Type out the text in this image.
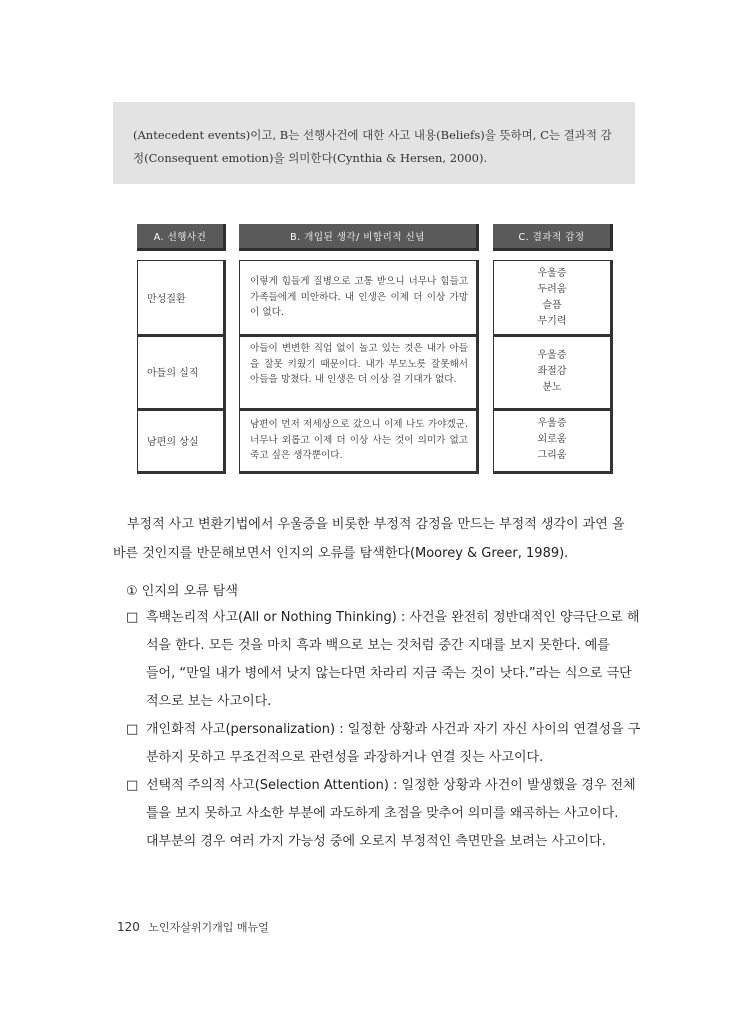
(Antecedent events)이고, B는 선행사건에 대한 사고 내용(Beliefs)을 뜻하며, C는 결과적 감
정(Consequent emotion)을 의미한다(Cynthia & Hersen, 2000).
A. 선행사건	B. 개입된 생각/ 비합리적 신념	C. 결과적 감정
만성질환
이렇게 힘들게 질병으로 고통 받으니 너무나 힘들고 가족들에게 미안하다. 내 인생은 이제 더 이상 가망이 없다.
우울증
두려움
슬픔
무기력
아들의 실직
아들이 변변한 직업 없이 놀고 있는 것은 내가 아들을 잘못 키웠기 때문이다. 내가 부모노릇 잘못해서 아들을 망쳤다. 내 인생은 더 이상 걸 기대가 없다.
우울증
좌절감
분노
남편의 상실
남편이 먼저 저세상으로 갔으니 이제 나도 가야겠군. 너무나 외롭고 이제 더 이상 사는 것이 의미가 없고 죽고 싶은 생각뿐이다.
우울증
외로움
그리움
부정적 사고 변환기법에서 우울증을 비롯한 부정적 감정을 만드는 부정적 생각이 과연 올
바른 것인지를 반문해보면서 인지의 오류를 탐색한다(Moorey & Greer, 1989).
① 인지의 오류 탐색
□ 흑백논리적 사고(All or Nothing Thinking) : 사건을 완전히 정반대적인 양극단으로 해
석을 한다. 모든 것을 마치 흑과 백으로 보는 것처럼 중간 지대를 보지 못한다. 예를
들어, “만일 내가 병에서 낫지 않는다면 차라리 지금 죽는 것이 낫다.”라는 식으로 극단
적으로 보는 사고이다.
□ 개인화적 사고(personalization) : 일정한 상황과 사건과 자기 자신 사이의 연결성을 구
분하지 못하고 무조건적으로 관련성을 과장하거나 연결 짓는 사고이다.
□ 선택적 주의적 사고(Selection Attention) : 일정한 상황과 사건이 발생했을 경우 전체
틀을 보지 못하고 사소한 부분에 과도하게 초점을 맞추어 의미를 왜곡하는 사고이다.
대부분의 경우 여러 가지 가능성 중에 오로지 부정적인 측면만을 보려는 사고이다.
120 노인자살위기개입 매뉴얼
